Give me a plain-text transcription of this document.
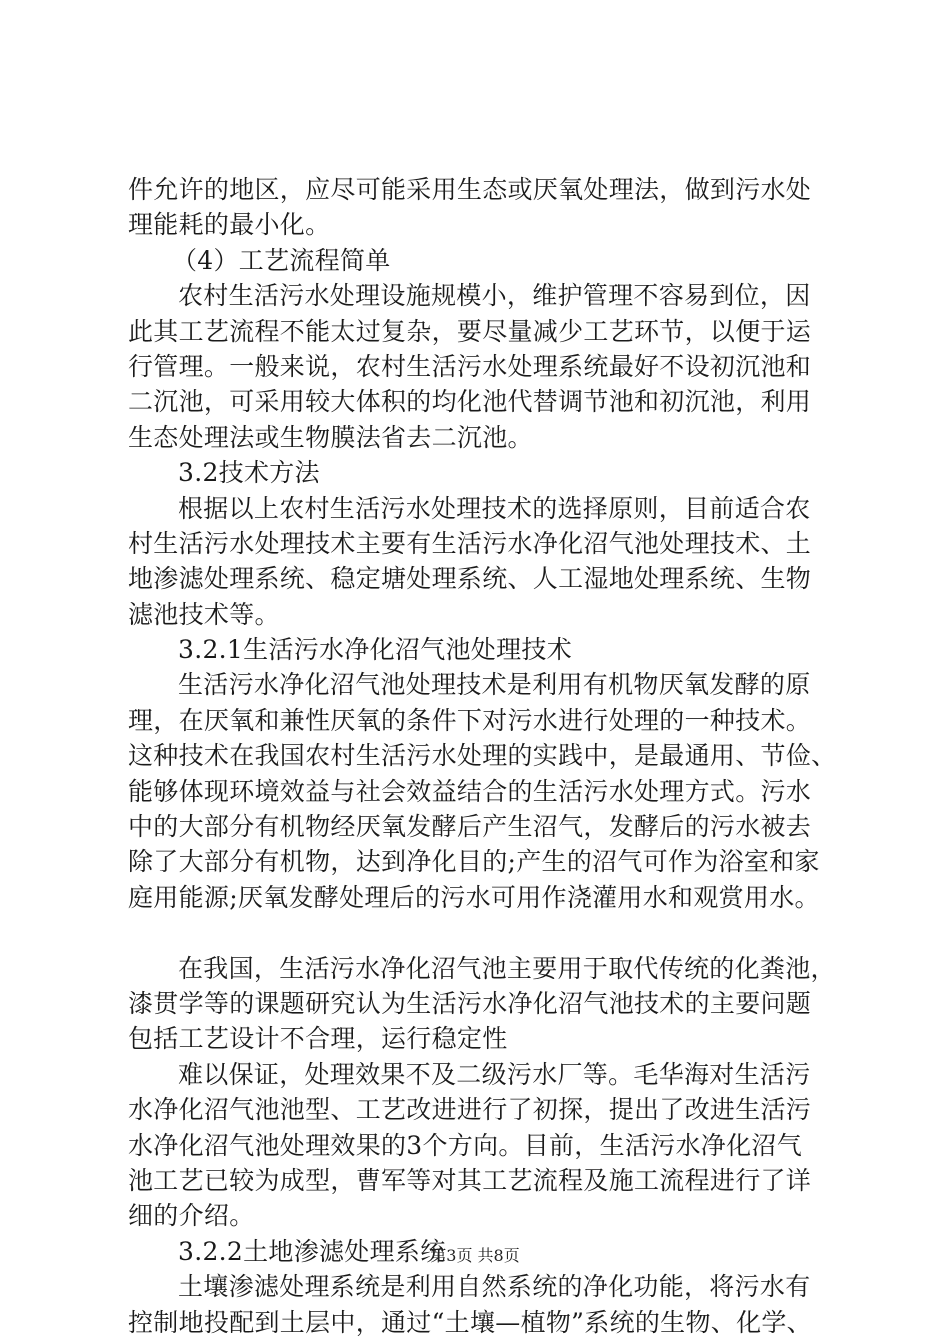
件允许的地区，应尽可能采用生态或厌氧处理法，做到污水处
理能耗的最小化。
（4）工艺流程简单
农村生活污水处理设施规模小，维护管理不容易到位，因
此其工艺流程不能太过复杂，要尽量减少工艺环节，以便于运
行管理。一般来说，农村生活污水处理系统最好不设初沉池和
二沉池，可采用较大体积的均化池代替调节池和初沉池，利用
生态处理法或生物膜法省去二沉池。
3.2技术方法
根据以上农村生活污水处理技术的选择原则，目前适合农
村生活污水处理技术主要有生活污水净化沼气池处理技术、土
地渗滤处理系统、稳定塘处理系统、人工湿地处理系统、生物
滤池技术等。
3.2.1生活污水净化沼气池处理技术
生活污水净化沼气池处理技术是利用有机物厌氧发酵的原
理，在厌氧和兼性厌氧的条件下对污水进行处理的一种技术。
这种技术在我国农村生活污水处理的实践中，是最通用、节俭、
能够体现环境效益与社会效益结合的生活污水处理方式。污水
中的大部分有机物经厌氧发酵后产生沼气，发酵后的污水被去
除了大部分有机物，达到净化目的;产生的沼气可作为浴室和家
庭用能源;厌氧发酵处理后的污水可用作浇灌用水和观赏用水。
在我国，生活污水净化沼气池主要用于取代传统的化粪池，
漆贯学等的课题研究认为生活污水净化沼气池技术的主要问题
包括工艺设计不合理，运行稳定性
难以保证，处理效果不及二级污水厂等。毛华海对生活污
水净化沼气池池型、工艺改进进行了初探，提出了改进生活污
水净化沼气池处理效果的3个方向。目前，生活污水净化沼气
池工艺已较为成型，曹军等对其工艺流程及施工流程进行了详
细的介绍。
3.2.2土地渗滤处理系统
土壤渗滤处理系统是利用自然系统的净化功能，将污水有
控制地投配到土层中，通过“土壤—植物”系统的生物、化学、
第3页 共8页
